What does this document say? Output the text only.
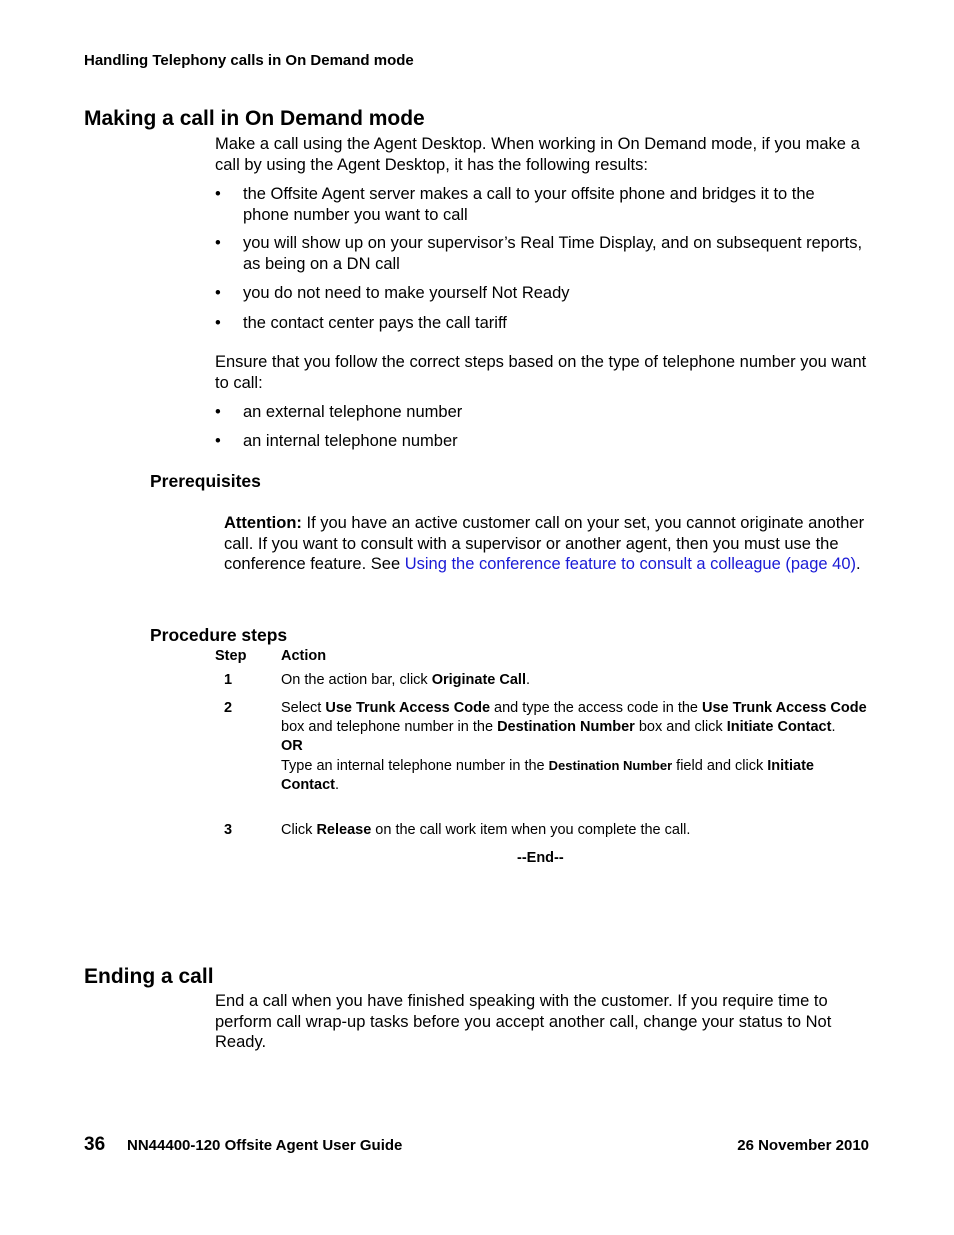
Handling Telephony calls in On Demand mode
Making a call in On Demand mode
Make a call using the Agent Desktop. When working in On Demand mode, if you make a call by using the Agent Desktop, it has the following results:
• the Offsite Agent server makes a call to your offsite phone and bridges it to the phone number you want to call
• you will show up on your supervisor’s Real Time Display, and on subsequent reports, as being on a DN call
• you do not need to make yourself Not Ready
• the contact center pays the call tariff
Ensure that you follow the correct steps based on the type of telephone number you want to call:
• an external telephone number
• an internal telephone number
Prerequisites
Attention: If you have an active customer call on your set, you cannot originate another call. If you want to consult with a supervisor or another agent, then you must use the conference feature. See Using the conference feature to consult a colleague (page 40).
Procedure steps
Step Action
1	On the action bar, click Originate Call.
2	Select Use Trunk Access Code and type the access code in the Use Trunk Access Code box and telephone number in the Destination Number box and click Initiate Contact.
OR
Type an internal telephone number in the Destination Number field and click Initiate Contact.
3	Click Release on the call work item when you complete the call.
--End--
Ending a call
End a call when you have finished speaking with the customer. If you require time to perform call wrap-up tasks before you accept another call, change your status to Not Ready.
36 NN44400-120 Offsite Agent User Guide	26 November 2010
